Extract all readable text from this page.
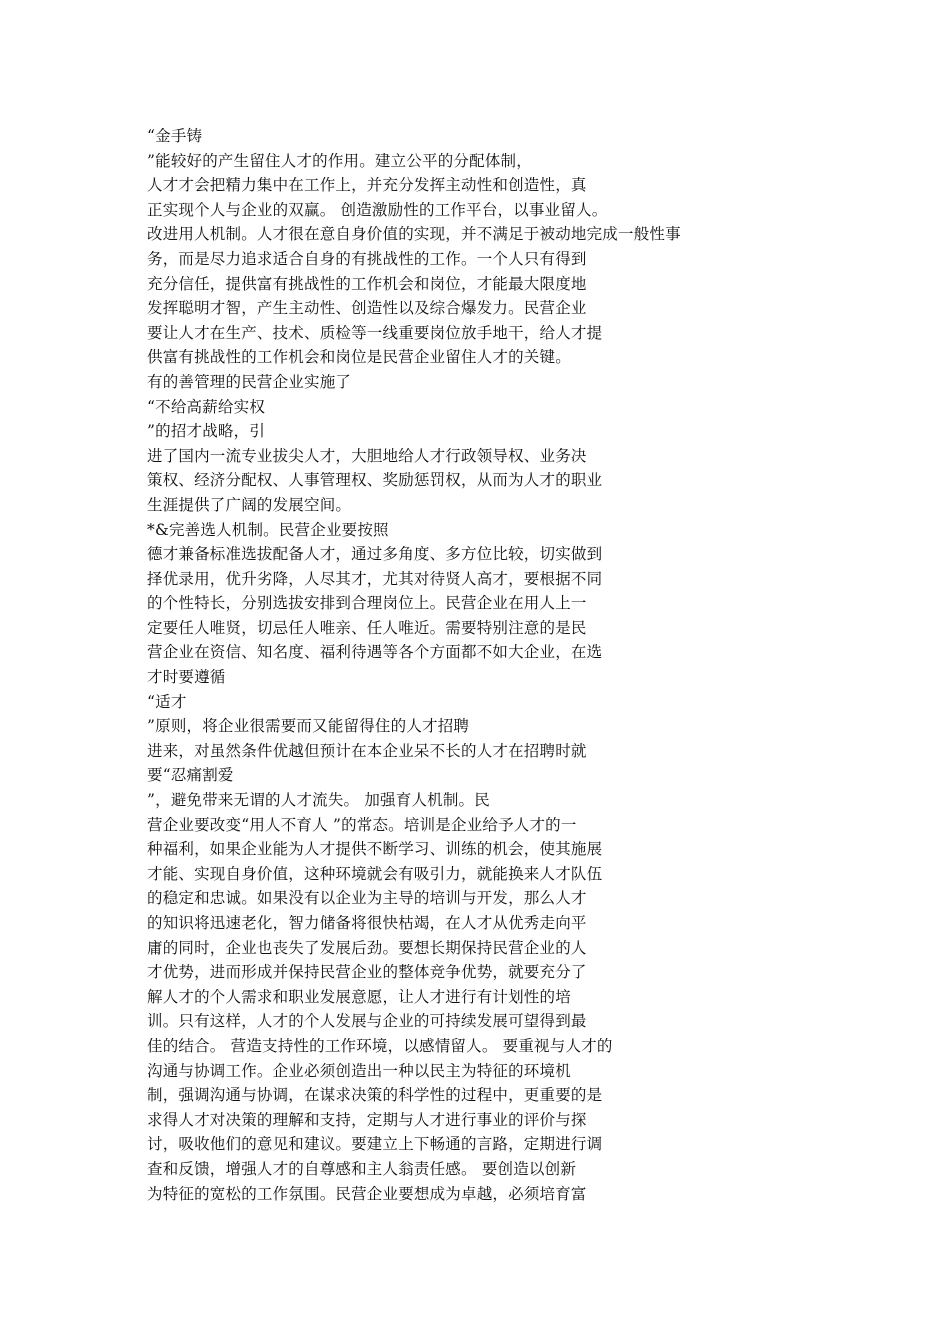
“金手铸
”能较好的产生留住人才的作用。建立公平的分配体制，
人才才会把精力集中在工作上，并充分发挥主动性和创造性，真
正实现个人与企业的双赢。 创造激励性的工作平台，以事业留人。
改进用人机制。人才很在意自身价值的实现，并不满足于被动地完成一般性事
务，而是尽力追求适合自身的有挑战性的工作。一个人只有得到
充分信任，提供富有挑战性的工作机会和岗位，才能最大限度地
发挥聪明才智，产生主动性、创造性以及综合爆发力。民营企业
要让人才在生产、技术、质检等一线重要岗位放手地干，给人才提
供富有挑战性的工作机会和岗位是民营企业留住人才的关键。
有的善管理的民营企业实施了
“不给高薪给实权
”的招才战略，引
进了国内一流专业拔尖人才，大胆地给人才行政领导权、业务决
策权、经济分配权、人事管理权、奖励惩罚权，从而为人才的职业
生涯提供了广阔的发展空间。
*&完善选人机制。民营企业要按照
德才兼备标准选拔配备人才，通过多角度、多方位比较，切实做到
择优录用，优升劣降，人尽其才，尤其对待贤人高才，要根据不同
的个性特长，分别选拔安排到合理岗位上。民营企业在用人上一
定要任人唯贤，切忌任人唯亲、任人唯近。需要特别注意的是民
营企业在资信、知名度、福利待遇等各个方面都不如大企业，在选
才时要遵循
“适才
”原则，将企业很需要而又能留得住的人才招聘
进来，对虽然条件优越但预计在本企业呆不长的人才在招聘时就
要“忍痛割爱
”，避免带来无谓的人才流失。 加强育人机制。民
营企业要改变“用人不育人 ”的常态。培训是企业给予人才的一
种福利，如果企业能为人才提供不断学习、训练的机会，使其施展
才能、实现自身价值，这种环境就会有吸引力，就能换来人才队伍
的稳定和忠诚。如果没有以企业为主导的培训与开发，那么人才
的知识将迅速老化，智力储备将很快枯竭，在人才从优秀走向平
庸的同时，企业也丧失了发展后劲。要想长期保持民营企业的人
才优势，进而形成并保持民营企业的整体竞争优势，就要充分了
解人才的个人需求和职业发展意愿，让人才进行有计划性的培
训。只有这样，人才的个人发展与企业的可持续发展可望得到最
佳的结合。 营造支持性的工作环境，以感情留人。 要重视与人才的
沟通与协调工作。企业必须创造出一种以民主为特征的环境机
制，强调沟通与协调，在谋求决策的科学性的过程中，更重要的是
求得人才对决策的理解和支持，定期与人才进行事业的评价与探
讨，吸收他们的意见和建议。要建立上下畅通的言路，定期进行调
查和反馈，增强人才的自尊感和主人翁责任感。 要创造以创新
为特征的宽松的工作氛围。民营企业要想成为卓越，必须培育富
